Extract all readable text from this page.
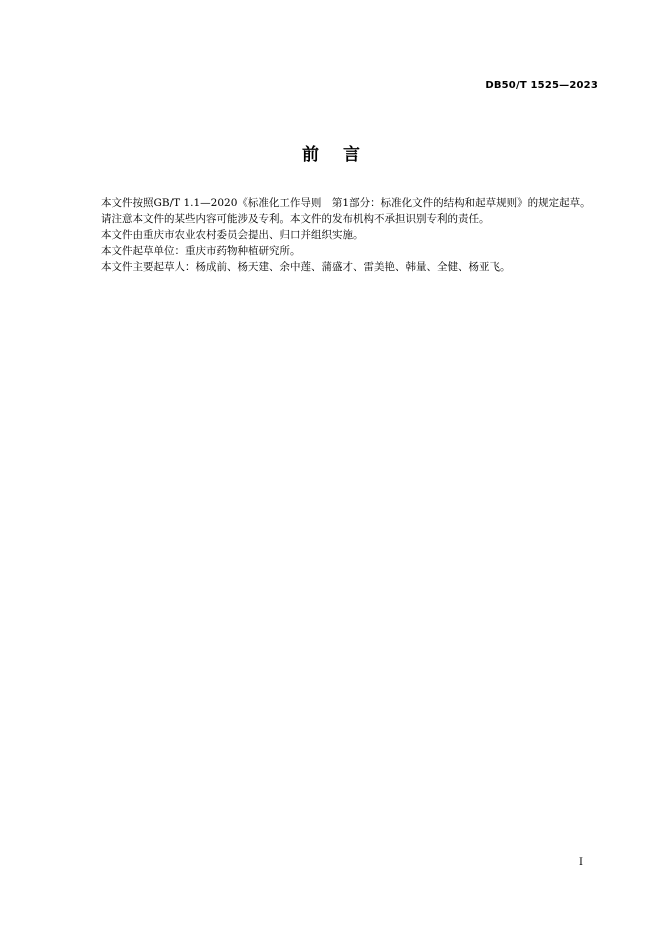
DB50/T 1525—2023
前言

本文件按照GB/T 1.1—2020《标准化工作导则　第1部分：标准化文件的结构和起草规则》的规定起草。

请注意本文件的某些内容可能涉及专利。本文件的发布机构不承担识别专利的责任。

本文件由重庆市农业农村委员会提出、归口并组织实施。

本文件起草单位：重庆市药物种植研究所。

本文件主要起草人：杨成前、杨天建、余中莲、蒲盛才、雷美艳、韩量、全健、杨亚飞。

I
